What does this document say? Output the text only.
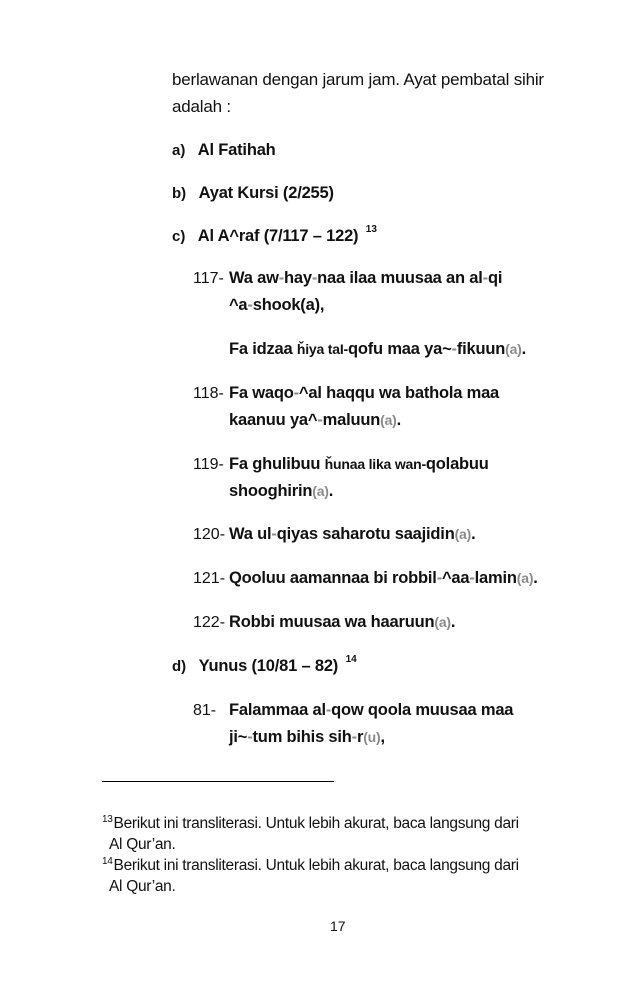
berlawanan dengan jarum jam. Ayat pembatal sihir
adalah :
a) Al Fatihah
b) Ayat Kursi (2/255)
c) Al A^raf (7/117 – 122) $^{13}$
117- Wa aw-hay-naa ilaa muusaa an al-qi
^a-shook(a),
Fa idzaa ȟiya taI-qofu maa ya~-fikuun(a).
118- Fa waqo-^al haqqu wa bathola maa
kaanuu ya^-maluun(a).
119- Fa ghulibuu ȟunaa lika wan-qolabuu
shooghirin(a).
120- Wa ul-qiyas saharotu saajidin(a).
121- Qooluu aamannaa bi robbil-^aa-lamin(a).
122- Robbi muusaa wa haaruun(a).
d) Yunus (10/81 – 82) $^{14}$
81- Falammaa al-qow qoola muusaa maa
ji~-tum bihis sih-r(u),
$^{13}$Berikut ini transliterasi. Untuk lebih akurat, baca langsung dari
Al Qur’an.
$^{14}$Berikut ini transliterasi. Untuk lebih akurat, baca langsung dari
Al Qur’an.
17
